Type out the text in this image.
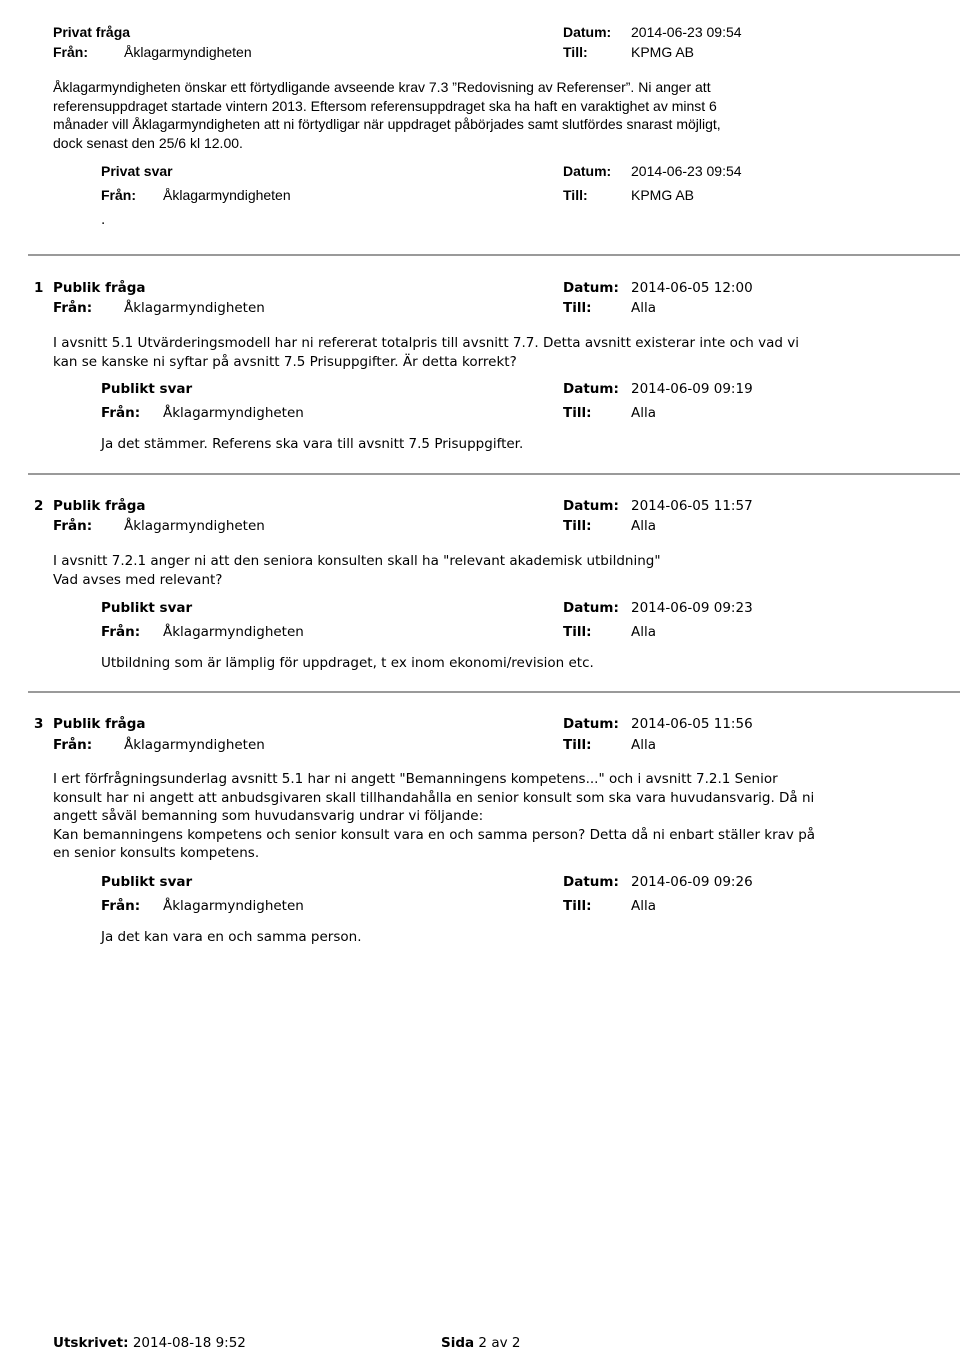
Privat fråga	Datum: 2014-06-23 09:54
Från:	Åklagarmyndigheten	Till:	KPMG AB
Åklagarmyndigheten önskar ett förtydligande avseende krav 7.3 ”Redovisning av Referenser”. Ni anger att
referensuppdraget startade vintern 2013. Eftersom referensuppdraget ska ha haft en varaktighet av minst 6
månader vill Åklagarmyndigheten att ni förtydligar när uppdraget påbörjades samt slutfördes snarast möjligt,
dock senast den 25/6 kl 12.00.
Privat svar	Datum: 2014-06-23 09:54
Från: Åklagarmyndigheten	Till:	KPMG AB
.
1 Publik fråga	Datum: 2014-06-05 12:00
Från: Åklagarmyndigheten	Till:	Alla
I avsnitt 5.1 Utvärderingsmodell har ni refererat totalpris till avsnitt 7.7. Detta avsnitt existerar inte och vad vi
kan se kanske ni syftar på avsnitt 7.5 Prisuppgifter. Är detta korrekt?
Publikt svar	Datum: 2014-06-09 09:19
Från: Åklagarmyndigheten	Till:	Alla
Ja det stämmer. Referens ska vara till avsnitt 7.5 Prisuppgifter.
2 Publik fråga	Datum: 2014-06-05 11:57
Från: Åklagarmyndigheten	Till:	Alla
I avsnitt 7.2.1 anger ni att den seniora konsulten skall ha "relevant akademisk utbildning"
Vad avses med relevant?
Publikt svar	Datum: 2014-06-09 09:23
Från: Åklagarmyndigheten	Till:	Alla
Utbildning som är lämplig för uppdraget, t ex inom ekonomi/revision etc.
3 Publik fråga	Datum: 2014-06-05 11:56
Från: Åklagarmyndigheten	Till:	Alla
I ert förfrågningsunderlag avsnitt 5.1 har ni angett "Bemanningens kompetens..." och i avsnitt 7.2.1 Senior
konsult har ni angett att anbudsgivaren skall tillhandahålla en senior konsult som ska vara huvudansvarig. Då ni
angett såväl bemanning som huvudansvarig undrar vi följande:
Kan bemanningens kompetens och senior konsult vara en och samma person? Detta då ni enbart ställer krav på
en senior konsults kompetens.
Publikt svar	Datum: 2014-06-09 09:26
Från: Åklagarmyndigheten	Till:	Alla
Ja det kan vara en och samma person.
Utskrivet: 2014-08-18 9:52	Sida 2 av 2
